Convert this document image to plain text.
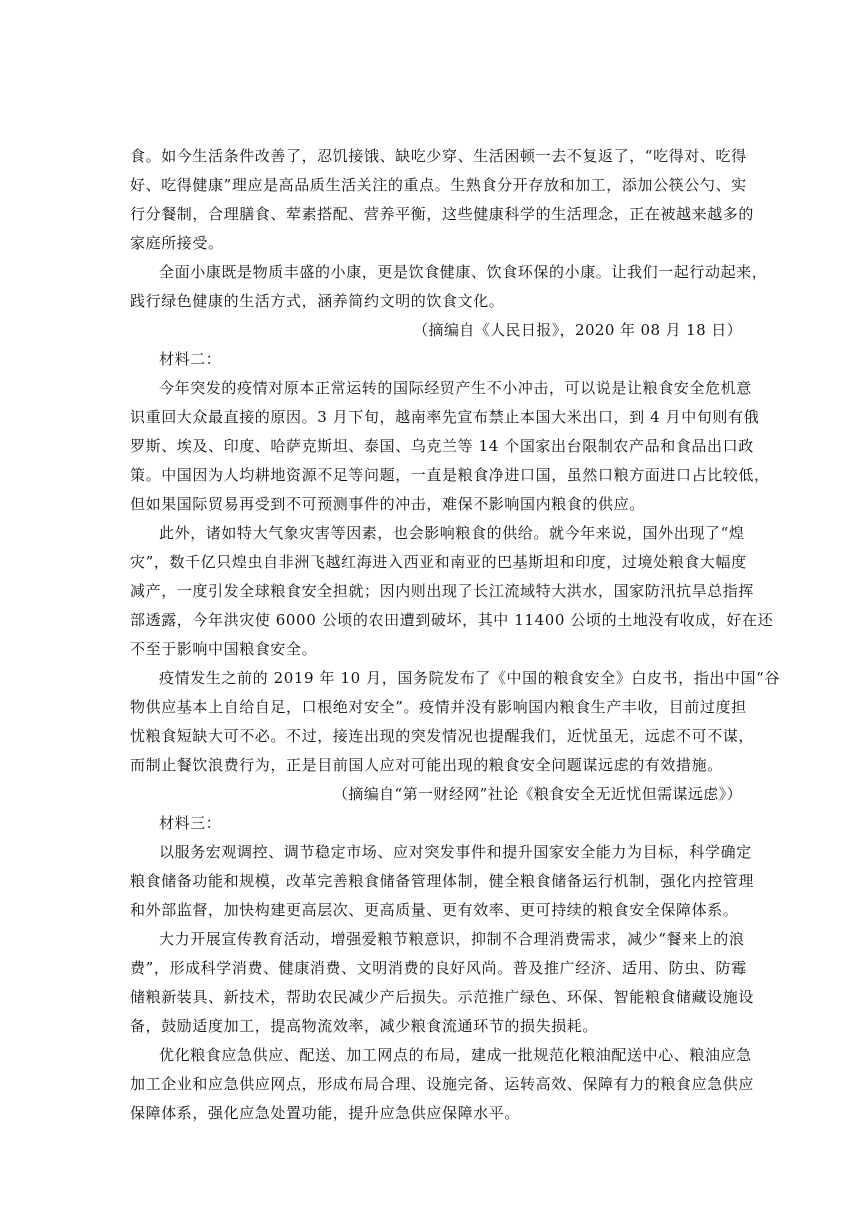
食。如今生活条件改善了，忍饥接饿、缺吃少穿、生活困顿一去不复返了，“吃得对、吃得
好、吃得健康”理应是高品质生活关注的重点。生熟食分开存放和加工，添加公筷公勺、实
行分餐制，合理膳食、荤素搭配、营养平衡，这些健康科学的生活理念，正在被越来越多的
家庭所接受。
全面小康既是物质丰盛的小康，更是饮食健康、饮食环保的小康。让我们一起行动起来，
践行绿色健康的生活方式，涵养简约文明的饮食文化。
（摘编自《人民日报》，2020 年 08 月 18 日）
材料二：
今年突发的疫情对原本正常运转的国际经贸产生不小冲击，可以说是让粮食安全危机意
识重回大众最直接的原因。3 月下旬，越南率先宣布禁止本国大米出口，到 4 月中旬则有俄
罗斯、埃及、印度、哈萨克斯坦、泰国、乌克兰等 14 个国家出台限制农产品和食品出口政
策。中国因为人均耕地资源不足等问题，一直是粮食净进口国，虽然口粮方面进口占比较低，
但如果国际贸易再受到不可预测事件的冲击，难保不影响国内粮食的供应。
此外，诸如特大气象灾害等因素，也会影响粮食的供给。就今年来说，国外出现了“煌
灾”，数千亿只煌虫自非洲飞越红海进入西亚和南亚的巴基斯坦和印度，过境处粮食大幅度
减产，一度引发全球粮食安全担就；因内则出现了长江流域特大洪水，国家防汛抗旱总指挥
部透露，今年洪灾使 6000 公顷的农田遭到破坏，其中 11400 公顷的土地没有收成，好在还
不至于影响中国粮食安全。
疫情发生之前的 2019 年 10 月，国务院发布了《中国的粮食安全》白皮书，指出中国“谷
物供应基本上自给自足，口根绝对安全”。疫情并没有影响国内粮食生产丰收，目前过度担
忧粮食短缺大可不必。不过，接连出现的突发情况也提醒我们，近忧虽无，远虑不可不谋，
而制止餐饮浪费行为，正是目前国人应对可能出现的粮食安全问题谋远虑的有效措施。
（摘编自“第一财经网”社论《粮食安全无近忧但需谋远虑》）
材料三：
以服务宏观调控、调节稳定市场、应对突发事件和提升国家安全能力为目标，科学确定
粮食储备功能和规模，改革完善粮食储备管理体制，健全粮食储备运行机制，强化内控管理
和外部监督，加快构建更高层次、更高质量、更有效率、更可持续的粮食安全保障体系。
大力开展宣传教育活动，增强爱粮节粮意识，抑制不合理消费需求，减少“餐来上的浪
费”，形成科学消费、健康消费、文明消费的良好风尚。普及推广经济、适用、防虫、防霉
储粮新装具、新技术，帮助农民减少产后损失。示范推广绿色、环保、智能粮食储藏设施设
备，鼓励适度加工，提高物流效率，减少粮食流通环节的损失损耗。
优化粮食应急供应、配送、加工网点的布局，建成一批规范化粮油配送中心、粮油应急
加工企业和应急供应网点，形成布局合理、设施完备、运转高效、保障有力的粮食应急供应
保障体系，强化应急处置功能，提升应急供应保障水平。
